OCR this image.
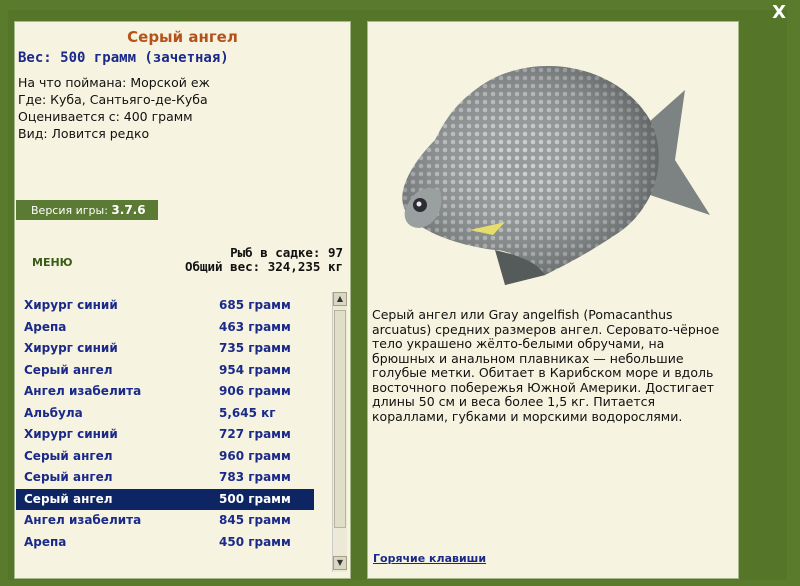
X
Серый ангел
Вес: 500 грамм (зачетная)
На что поймана: Морской еж
Где: Куба, Сантьяго-де-Куба
Оценивается с: 400 грамм
Вид: Ловится редко
Версия игры: 3.7.6
МЕНЮ
Рыб в садке: 97
Общий вес: 324,235 кг
▲
▼
Хирург синий	685 грамм
Арепа	463 грамм
Хирург синий	735 грамм
Серый ангел	954 грамм
Ангел изабелита	906 грамм
Альбула	5,645 кг
Хирург синий	727 грамм
Серый ангел	960 грамм
Серый ангел	783 грамм
Серый ангел	500 грамм
Ангел изабелита	845 грамм
Арепа	450 грамм
Серый ангел или Gray angelfish (Pomacanthus arcuatus) средних размеров ангел. Серовато-чёрное тело украшено жёлто-белыми обручами, на брюшных и анальном плавниках — небольшие голубые метки. Обитает в Карибском море и вдоль восточного побережья Южной Америки. Достигает длины 50 см и веса более 1,5 кг. Питается кораллами, губками и морскими водорослями.
Горячие клавиши
